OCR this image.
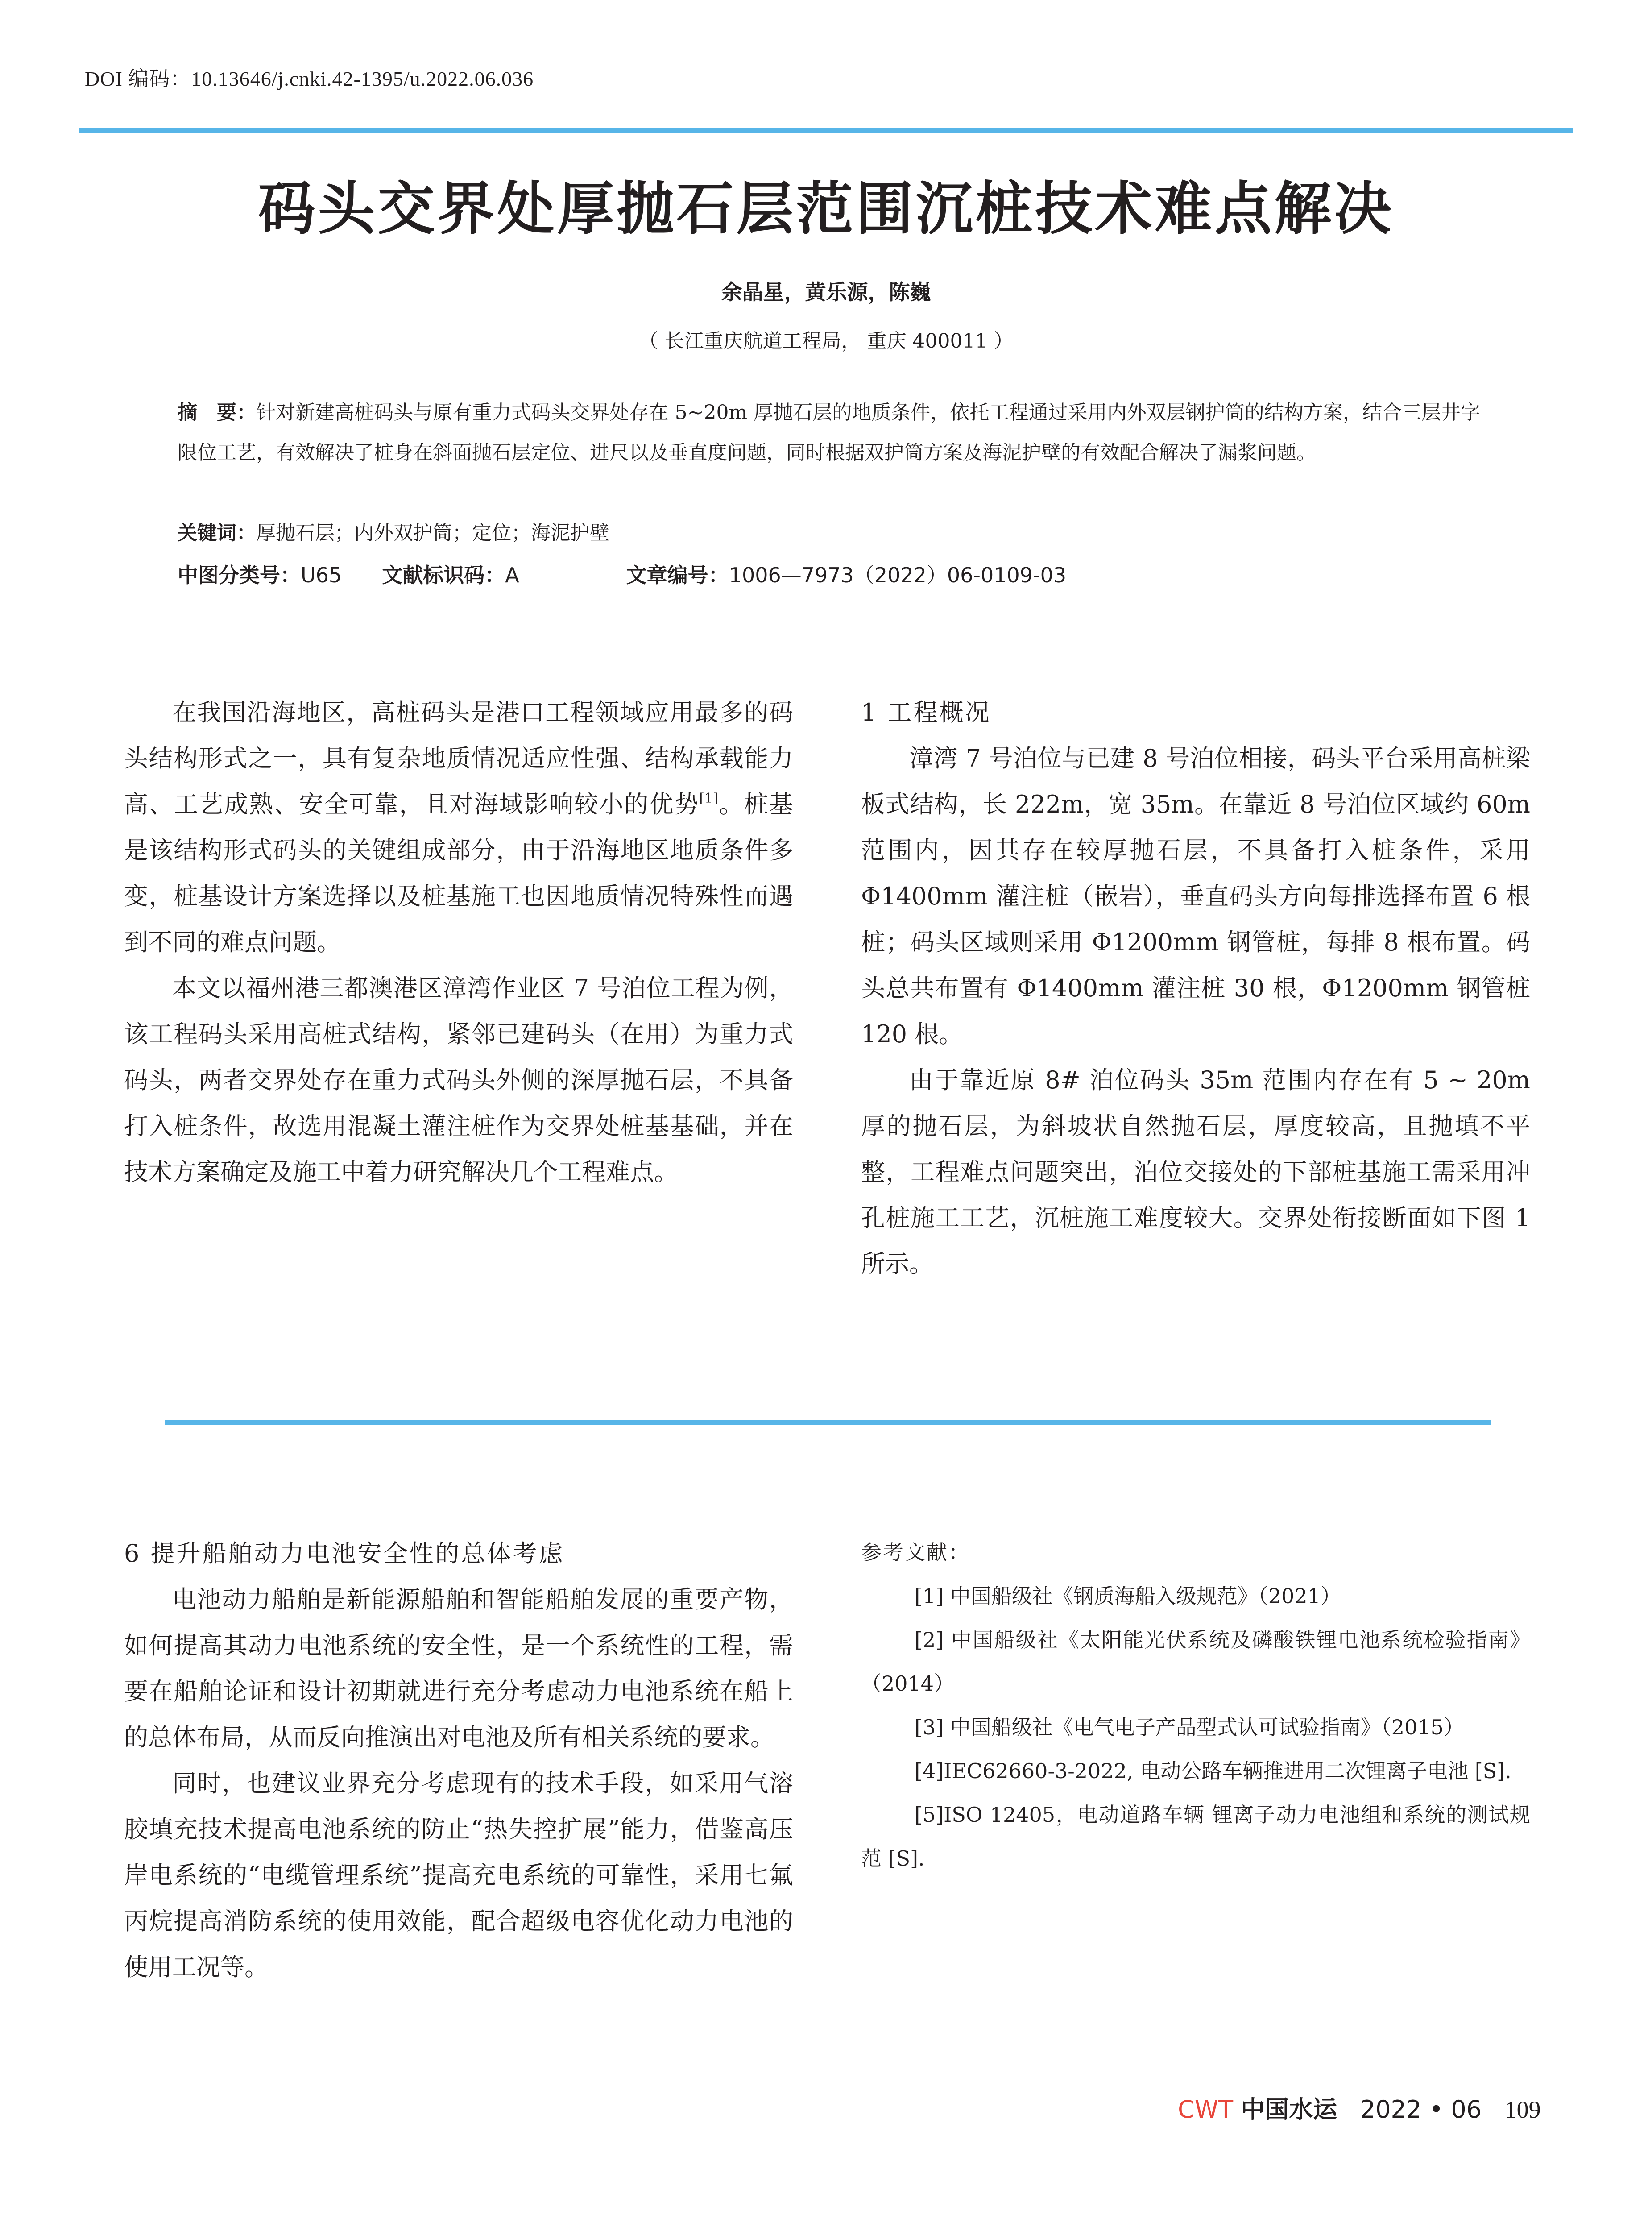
DOI 编码：10.13646/j.cnki.42-1395/u.2022.06.036
码头交界处厚抛石层范围沉桩技术难点解决
余晶星，黄乐源，陈巍
（ 长江重庆航道工程局， 重庆 400011 ）
摘　要：针对新建高桩码头与原有重力式码头交界处存在 5~20m 厚抛石层的地质条件，依托工程通过采用内外双层钢护筒的结构方案，结合三层井字限位工艺，有效解决了桩身在斜面抛石层定位、进尺以及垂直度问题，同时根据双护筒方案及海泥护壁的有效配合解决了漏浆问题。
关键词：厚抛石层；内外双护筒；定位；海泥护壁
中图分类号：U65 文献标识码：A	文章编号：1006—7973（2022）06-0109-03

在我国沿海地区，高桩码头是港口工程领域应用最多的码头结构形式之一，具有复杂地质情况适应性强、结构承载能力高、工艺成熟、安全可靠，且对海域影响较小的优势[1]。桩基是该结构形式码头的关键组成部分，由于沿海地区地质条件多变，桩基设计方案选择以及桩基施工也因地质情况特殊性而遇到不同的难点问题。

本文以福州港三都澳港区漳湾作业区 7 号泊位工程为例，该工程码头采用高桩式结构，紧邻已建码头（在用）为重力式码头，两者交界处存在重力式码头外侧的深厚抛石层，不具备打入桩条件，故选用混凝土灌注桩作为交界处桩基基础，并在技术方案确定及施工中着力研究解决几个工程难点。

1 工程概况

漳湾 7 号泊位与已建 8 号泊位相接，码头平台采用高桩梁板式结构，长 222m，宽 35m。在靠近 8 号泊位区域约 60m 范围内，因其存在较厚抛石层，不具备打入桩条件，采用 Φ1400mm 灌注桩（嵌岩），垂直码头方向每排选择布置 6 根桩；码头区域则采用 Φ1200mm 钢管桩，每排 8 根布置。码头总共布置有 Φ1400mm 灌注桩 30 根，Φ1200mm 钢管桩 120 根。

由于靠近原 8# 泊位码头 35m 范围内存在有 5 ~ 20m 厚的抛石层，为斜坡状自然抛石层，厚度较高，且抛填不平整，工程难点问题突出，泊位交接处的下部桩基施工需采用冲孔桩施工工艺，沉桩施工难度较大。交界处衔接断面如下图 1 所示。

6 提升船舶动力电池安全性的总体考虑

电池动力船舶是新能源船舶和智能船舶发展的重要产物，如何提高其动力电池系统的安全性，是一个系统性的工程，需要在船舶论证和设计初期就进行充分考虑动力电池系统在船上的总体布局，从而反向推演出对电池及所有相关系统的要求。

同时，也建议业界充分考虑现有的技术手段，如采用气溶胶填充技术提高电池系统的防止“热失控扩展”能力，借鉴高压岸电系统的“电缆管理系统”提高充电系统的可靠性，采用七氟丙烷提高消防系统的使用效能，配合超级电容优化动力电池的使用工况等。

参考文献：

[1] 中国船级社《钢质海船入级规范》（2021）

[2] 中国船级社《太阳能光伏系统及磷酸铁锂电池系统检验指南》（2014）

[3] 中国船级社《电气电子产品型式认可试验指南》（2015）

[4]IEC62660-3-2022, 电动公路车辆推进用二次锂离子电池 [S].

[5]ISO 12405，电动道路车辆 锂离子动力电池组和系统的测试规范 [S].

CWT 中国水运 2022 • 06 109
